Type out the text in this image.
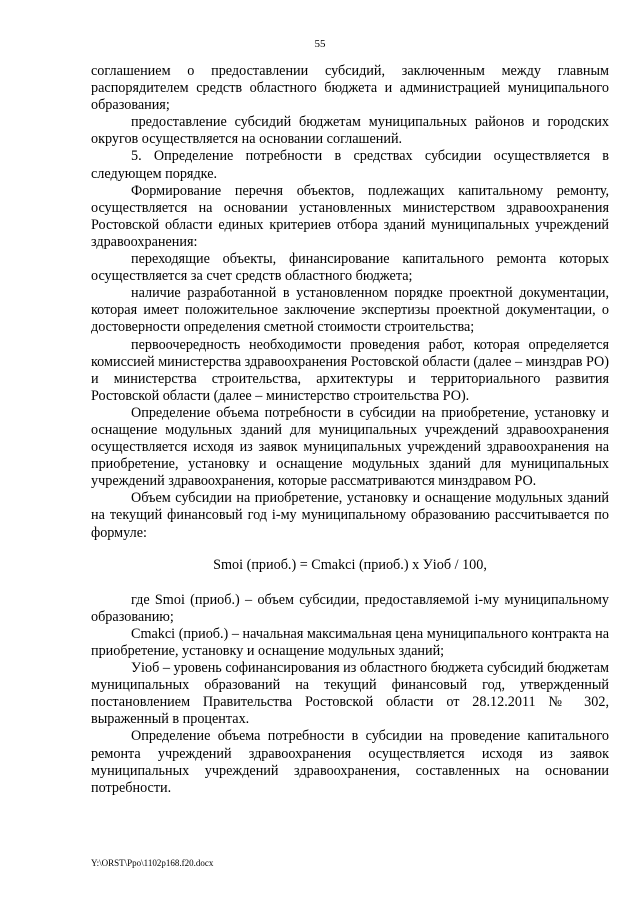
55

соглашением о предоставлении субсидий, заключенным между главным распорядителем средств областного бюджета и администрацией муниципального образования;

предоставление субсидий бюджетам муниципальных районов и городских округов осуществляется на основании соглашений.

5. Определение потребности в средствах субсидии осуществляется в следующем порядке.

Формирование перечня объектов, подлежащих капитальному ремонту, осуществляется на основании установленных министерством здравоохранения Ростовской области единых критериев отбора зданий муниципальных учреждений здравоохранения:

переходящие объекты, финансирование капитального ремонта которых осуществляется за счет средств областного бюджета;

наличие разработанной в установленном порядке проектной документации, которая имеет положительное заключение экспертизы проектной документации, о достоверности определения сметной стоимости строительства;

первоочередность необходимости проведения работ, которая определяется комиссией министерства здравоохранения Ростовской области (далее – минздрав РО) и министерства строительства, архитектуры и территориального развития Ростовской области (далее – министерство строительства РО).

Определение объема потребности в субсидии на приобретение, установку и оснащение модульных зданий для муниципальных учреждений здравоохранения осуществляется исходя из заявок муниципальных учреждений здравоохранения на приобретение, установку и оснащение модульных зданий для муниципальных учреждений здравоохранения, которые рассматриваются минздравом РО.

Объем субсидии на приобретение, установку и оснащение модульных зданий на текущий финансовый год i-му муниципальному образованию рассчитывается по формуле:

Smoi (приоб.) = Cmakci (приоб.) x Уioб / 100,

где Smoi (приоб.) – объем субсидии, предоставляемой i-му муниципальному образованию;

Cmakci (приоб.) – начальная максимальная цена муниципального контракта на приобретение, установку и оснащение модульных зданий;

Уioб – уровень софинансирования из областного бюджета субсидий бюджетам муниципальных образований на текущий финансовый год, утвержденный постановлением Правительства Ростовской области от 28.12.2011 № 302, выраженный в процентах.

Определение объема потребности в субсидии на проведение капитального ремонта учреждений здравоохранения осуществляется исходя из заявок муниципальных учреждений здравоохранения, составленных на основании потребности.

Y:\ORST\Ppo\1102p168.f20.docx
